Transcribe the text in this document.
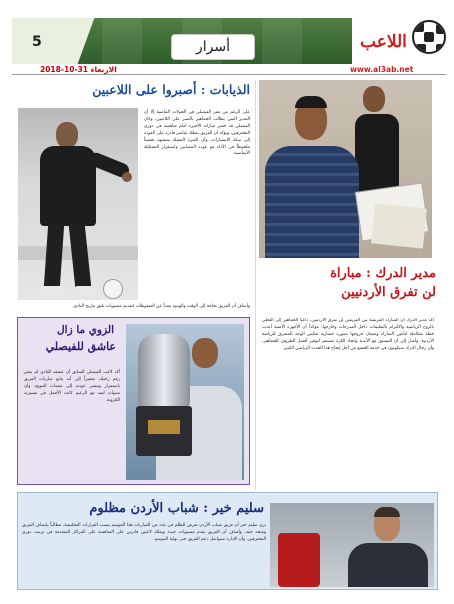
5	أسرار	اللاعب
الاربعاء 31-10-2018	www.al3ab.net
الذيابات : أصبروا على اللاعبين
على الرغم من تعثر الفيصلي في الجولات الماضية إلا أن المدير الفني يطالب الجماهير بالصبر على اللاعبين، وكان الفيصلي قد خسر مباراته الأخيرة أمام منافسه في دوري المحترفين، ويؤكد أن الفريق يمتلك عناصر قادرة على العودة إلى سكة الانتصارات، وأن الفترة المقبلة ستشهد تحسناً ملحوظاً في الأداء مع عودة المصابين واستقرار التشكيلة الأساسية.
وأضاف أن الفريق بحاجة إلى الوقت والهدوء بعيداً عن الضغوطات لتقديم مستويات تليق بتاريخ النادي.
الزوي ما زال
عاشق للفيصلي
أكد لاعب الفيصلي السابق أن عشقه للنادي لم يتغير رغم رحيله، مشيراً إلى أنه يتابع مباريات الفريق باستمرار ويتمنى عودته إلى منصات التتويج، وأن سنوات لعبه مع الزعيم كانت الأجمل في مسيرته الكروية.
مدير الدرك : مباراة
لن تفرق الأردنيين
أكد مدير الدرك أن المباراة المرتقبة بين الفريقين لن تفرق الأردنيين، داعياً الجماهير إلى التحلي بالروح الرياضية والالتزام بالتعليمات داخل المدرجات وخارجها، مؤكداً أن الأجهزة الأمنية أعدت خطة متكاملة لتأمين المباراة وضمان خروجها بصورة حضارية تعكس الوجه المشرق للرياضة الأردنية. وأشار إلى أن التنسيق مع الأندية واتحاد الكرة مستمر لتوفير أفضل الظروف للجماهير، وأن رجال الدرك سيكونون في خدمة الجميع من أجل إنجاح هذا الحدث الرياضي الكبير.
سليم خير : شباب الأردن مظلوم
يرى سليم خير أن فريق شباب الأردن تعرض للظلم في عدد من المباريات هذا الموسم بسبب القرارات التحكيمية، مطالباً بإنصاف الفريق ومنحه حقه، وأضاف أن الفريق يقدم مستويات جيدة ويملك لاعبين قادرين على المنافسة على المراكز المتقدمة في ترتيب دوري المحترفين، وأن الإدارة ستواصل دعم الفريق حتى نهاية الموسم.
